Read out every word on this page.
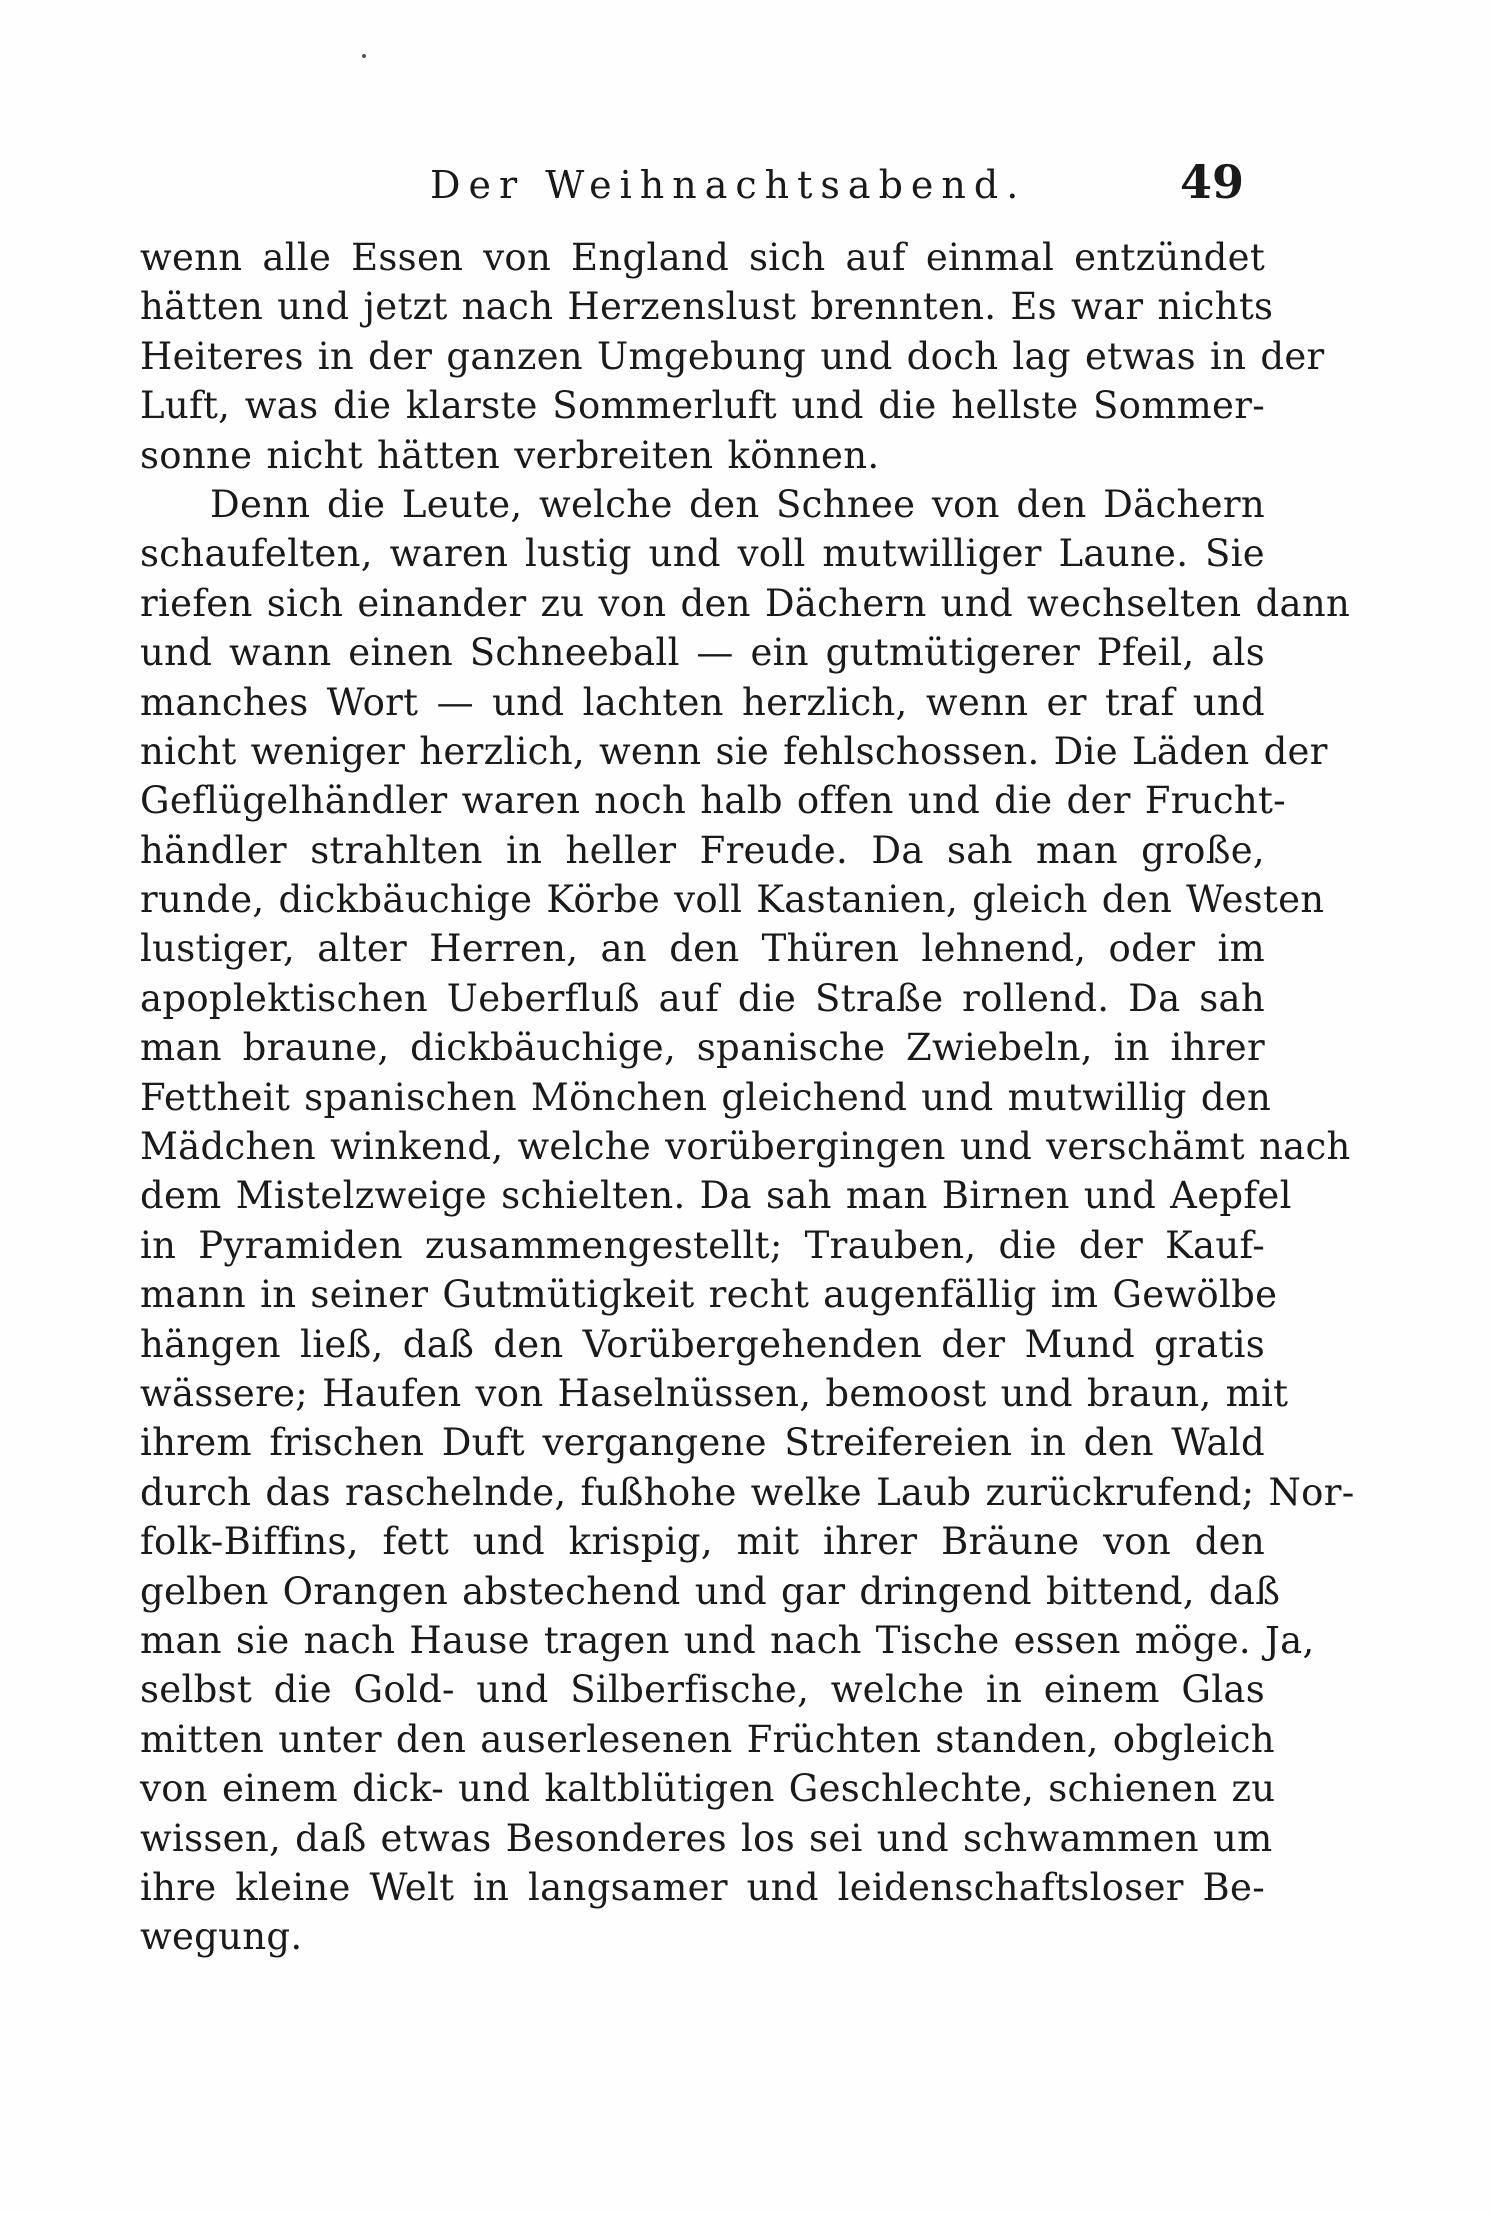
Der Weihnachtsabend.	49
wenn alle Essen von England sich auf einmal entzündet
hätten und jetzt nach Herzenslust brennten. Es war nichts
Heiteres in der ganzen Umgebung und doch lag etwas in der
Luft, was die klarste Sommerluft und die hellste Sommer-
sonne nicht hätten verbreiten können.
Denn die Leute, welche den Schnee von den Dächern
schaufelten, waren lustig und voll mutwilliger Laune. Sie
riefen sich einander zu von den Dächern und wechselten dann
und wann einen Schneeball — ein gutmütigerer Pfeil, als
manches Wort — und lachten herzlich, wenn er traf und
nicht weniger herzlich, wenn sie fehlschossen. Die Läden der
Geflügelhändler waren noch halb offen und die der Frucht-
händler strahlten in heller Freude. Da sah man große,
runde, dickbäuchige Körbe voll Kastanien, gleich den Westen
lustiger, alter Herren, an den Thüren lehnend, oder im
apoplektischen Ueberfluß auf die Straße rollend. Da sah
man braune, dickbäuchige, spanische Zwiebeln, in ihrer
Fettheit spanischen Mönchen gleichend und mutwillig den
Mädchen winkend, welche vorübergingen und verschämt nach
dem Mistelzweige schielten. Da sah man Birnen und Aepfel
in Pyramiden zusammengestellt; Trauben, die der Kauf-
mann in seiner Gutmütigkeit recht augenfällig im Gewölbe
hängen ließ, daß den Vorübergehenden der Mund gratis
wässere; Haufen von Haselnüssen, bemoost und braun, mit
ihrem frischen Duft vergangene Streifereien in den Wald
durch das raschelnde, fußhohe welke Laub zurückrufend; Nor-
folk-Biffins, fett und krispig, mit ihrer Bräune von den
gelben Orangen abstechend und gar dringend bittend, daß
man sie nach Hause tragen und nach Tische essen möge. Ja,
selbst die Gold- und Silberfische, welche in einem Glas
mitten unter den auserlesenen Früchten standen, obgleich
von einem dick- und kaltblütigen Geschlechte, schienen zu
wissen, daß etwas Besonderes los sei und schwammen um
ihre kleine Welt in langsamer und leidenschaftsloser Be-
wegung.
